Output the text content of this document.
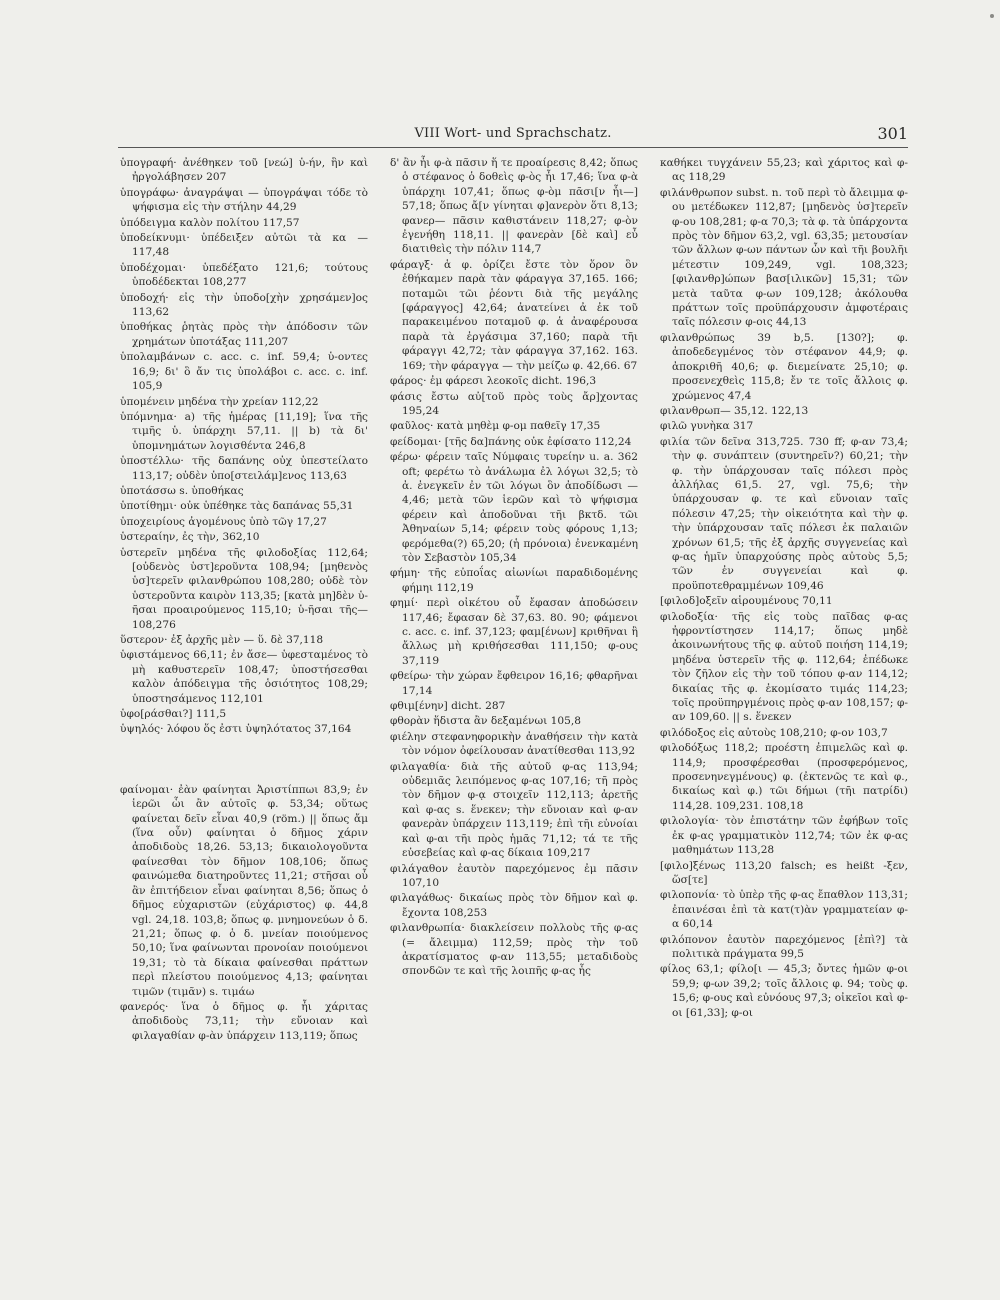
VIII Wort- und Sprachschatz.	301

ὑπογραφή· ἀνέθηκεν τοῦ [νεώ] ὑ-ήν, ἣν καὶ ἠργολάβησεν 207

ὑπογράφω· ἀναγράψαι — ὑπογράψαι τόδε τὸ ψήφισμα εἰς τὴν στήλην 44,29

ὑπόδειγμα καλὸν πολίτου 117,57

ὑποδείκνυμι· ὑπέδειξεν αὐτῶι τὰ κα — 117,48

ὑποδέχομαι· ὑπεδέξατο 121,6; τούτους ὑποδέδεκται 108,277

ὑποδοχή· εἰς τὴν ὑποδο[χὴν χρησάμεν]ος 113,62

ὑποθήκας ῥητὰς πρὸς τὴν ἀπόδοσιν τῶν χρημάτων ὑποτάξας 111,207

ὑπολαμβάνων c. acc. c. inf. 59,4; ὑ-οντες 16,9; δι' ὃ ἄν τις ὑπολάβοι c. acc. c. inf. 105,9

ὑπομένειν μηδένα τὴν χρείαν 112,22

ὑπόμνημα· a) τῆς ἡμέρας [11,19]; ἵνα τῆς τιμῆς ὑ. ὑπάρχηι 57,11. || b) τὰ δι' ὑπομνημάτων λογισθέντα 246,8

ὑποστέλλω· τῆς δαπάνης οὐχ ὑπεστείλατο 113,17; οὐδὲν ὑπο[στειλάμ]ενος 113,63

ὑποτάσσω s. ὑποθήκας

ὑποτίθημι· οὐκ ὑπέθηκε τὰς δαπάνας 55,31

ὑποχειρίους ἀγομένους ὑπὸ τῶγ 17,27

ὑστεραίην, ἐς τὴν, 362,10

ὑστερεῖν μηδένα τῆς φιλοδοξίας 112,64; [οὐδενὸς ὑστ]εροῦντα 108,94; [μηθενὸς ὑσ]τερεῖν φιλανθρώπου 108,280; οὐδὲ τὸν ὑστεροῦντα καιρὸν 113,35; [κατὰ μη]δὲν ὑ-ῆσαι προαιρούμενος 115,10; ὑ-ῆσαι τῆς— 108,276

ὕστερον· ἐξ ἀρχῆς μὲν — ὕ. δὲ 37,118

ὑφιστάμενος 66,11; ἐν ἄσε— ὑφεσταμένος τὸ μὴ καθυστερεῖν 108,47; ὑποστήσεσθαι καλὸν ἀπόδειγμα τῆς ὁσιότητος 108,29; ὑποστησάμενος 112,101

ὑφο[ράσθαι?] 111,5

ὑψηλός· λόφου ὅς ἐστι ὑψηλότατος 37,164

φαίνομαι· ἐὰν φαίνηται Ἀριστίππωι 83,9; ἐν ἱερῶι ὧι ἂν αὐτοῖς φ. 53,34; οὕτως φαίνεται δεῖν εἶναι 40,9 (röm.) || ὅπως ἄμ (ἵνα οὖν) φαίνηται ὁ δῆμος χάριν ἀποδιδοὺς 18,26. 53,13; δικαιολογοῦντα φαίνεσθαι τὸν δῆμον 108,106; ὅπως φαινώμεθα διατηροῦντες 11,21; στῆσαι οὗ ἂν ἐπιτήδειον εἶναι φαίνηται 8,56; ὅπως ὁ δῆμος εὐχαριστῶν (εὐχάριστος) φ. 44,8 vgl. 24,18. 103,8; ὅπως φ. μνημονεύων ὁ δ. 21,21; ὅπως φ. ὁ δ. μνείαν ποιούμενος 50,10; ἵνα φαίνωνται προνοίαν ποιούμενοι 19,31; τὸ τὰ δίκαια φαίνεσθαι πράττων περὶ πλείστου ποιούμενος 4,13; φαίνηται τιμῶν (τιμᾶν) s. τιμάω

φανερός· ἵνα ὁ δῆμος φ. ἦι χάριτας ἀποδιδοὺς 73,11; τὴν εὔνοιαν καὶ φιλαγαθίαν φ-ὰν ὑπάρχειν 113,119; ὅπως

δ' ἂν ἦι φ-ὰ πᾶσιν ἥ τε προαίρεσις 8,42; ὅπως ὁ στέφανος ὁ δοθεὶς φ-ὸς ἦι 17,46; ἵνα φ-ὰ ὑπάρχηι 107,41; ὅπως φ-ὸμ πᾶσι[ν ἦι—] 57,18; ὅπως ἄ[ν γίνηται φ]ανερὸν ὅτι 8,13; φανερ— πᾶσιν καθιστάνειν 118,27; φ-ὸν ἐγενήθη 118,11. || φανερὰν [δὲ καὶ] εὖ διατιθεὶς τὴν πόλιν 114,7

φάραγξ· ἁ φ. ὁρίζει ἔστε τὸν ὅρον ὃν ἐθήκαμεν παρὰ τὰν φάραγγα 37,165. 166; ποταμῶι τῶι ῥέοντι διὰ τῆς μεγάλης [φάραγγος] 42,64; ἀνατείνει ἀ ἐκ τοῦ παρακειμένου ποταμοῦ φ. ἁ ἀναφέρουσα παρὰ τὰ ἐργάσιμα 37,160; παρὰ τῆι φάραγγι 42,72; τὰν φάραγγα 37,162. 163. 169; τὴν φάραγγα — τὴν μείζω φ. 42,66. 67

φάρος· ἐμ φάρεσι λεοκοῖς dicht. 196,3

φάσις ἔστω αὐ[τοῦ πρὸς τοὺς ἄρ]χοντας 195,24

φαῦλος· κατὰ μηθὲμ φ-ομ παθεῖγ 17,35

φείδομαι· [τῆς δα]πάνης οὐκ ἐφίσατο 112,24

φέρω· φέρειν ταῖς Νύμφαις τυρείην u. a. 362 oft; φερέτω τὸ ἀνάλωμα ἐλ λόγωι 32,5; τὸ ἀ. ἐνεγκεῖν ἐν τῶι λόγωι ὃν ἀποδίδωσι — 4,46; μετὰ τῶν ἱερῶν καὶ τὸ ψήφισμα φέρειν καὶ ἀποδοῦναι τῆι βκτδ. τῶι Ἀθηναίων 5,14; φέρειν τοὺς φόρους 1,13; φερόμεθα(?) 65,20; (ἡ πρόνοια) ἐνενκαμένη τὸν Σεβαστὸν 105,34

φήμη· τῆς εὐποΐας αἰωνίωι παραδιδομένης φήμηι 112,19

φημί· περὶ οἰκέτου οὗ ἔφασαν ἀποδώσειν 117,46; ἔφασαν δὲ 37,63. 80. 90; φάμενοι c. acc. c. inf. 37,123; φαμ[ένων] κριθῆναι ἢ ἄλλως μὴ κριθήσεσθαι 111,150; φ-ους 37,119

φθείρω· τὴν χώραν ἔφθειρον 16,16; φθαρῆναι 17,14

φθιμ[ένην] dicht. 287

φθορὰν ἥδιστα ἂν δεξαμένωι 105,8

φιέλην στεφανηφορικὴν ἀναθήσειν τὴν κατὰ τὸν νόμον ὀφείλουσαν ἀνατίθεσθαι 113,92

φιλαγαθία· διὰ τῆς αὐτοῦ φ-ας 113,94; οὐδεμιᾶς λειπόμενος φ-ας 107,16; τῆ πρὸς τὸν δῆμον φ-ᾳ στοιχεῖν 112,113; ἀρετῆς καὶ φ-ας s. ἕνεκεν; τὴν εὔνοιαν καὶ φ-αν φανερὰν ὑπάρχειν 113,119; ἐπὶ τῆι εὐνοίαι καὶ φ-αι τῆι πρὸς ἡμᾶς 71,12; τά τε τῆς εὐσεβείας καὶ φ-ας δίκαια 109,217

φιλάγαθον ἑαυτὸν παρεχόμενος ἐμ πᾶσιν 107,10

φιλαγάθως· δικαίως πρὸς τὸν δῆμον καὶ φ. ἔχοντα 108,253

φιλανθρωπία· διακλείσειν πολλοὺς τῆς φ-ας (= ἄλειμμα) 112,59; πρὸς τὴν τοῦ ἀκρατίσματος φ-αν 113,55; μεταδιδοὺς σπονδῶν τε καὶ τῆς λοιπῆς φ-ας ἧς

καθήκει τυγχάνειν 55,23; καὶ χάριτος καὶ φ-ας 118,29

φιλάνθρωπον subst. n. τοῦ περὶ τὸ ἄλειμμα φ-ου μετέδωκεν 112,87; [μηδενὸς ὑσ]τερεῖν φ-ου 108,281; φ-α 70,3; τὰ φ. τὰ ὑπάρχοντα πρὸς τὸν δῆμον 63,2, vgl. 63,35; μετουσίαν τῶν ἄλλων φ-ων πάντων ὧν καὶ τῆι βουλῆι μέτεστιν 109,249, vgl. 108,323; [φιλανθρ]ώπων βασ[ιλικῶν] 15,31; τῶν μετὰ ταῦτα φ-ων 109,128; ἀκόλουθα πράττων τοῖς προϋπάρχουσιν ἀμφοτέραις ταῖς πόλεσιν φ-οις 44,13

φιλανθρώπως 39 b,5. [130?]; φ. ἀποδεδεγμένος τὸν στέφανον 44,9; φ. ἀποκριθῆ 40,6; φ. διεμείνατε 25,10; φ. προσενεχθεὶς 115,8; ἔν τε τοῖς ἄλλοις φ. χρώμενος 47,4

φιλανθρωπ— 35,12. 122,13

φιλῶ γυνὴκα 317

φιλία τῶν δεῖνα 313,725. 730 ff; φ-αν 73,4; τὴν φ. συνάπτειν (συντηρεῖν?) 60,21; τὴν φ. τὴν ὑπάρχουσαν ταῖς πόλεσι πρὸς ἀλλήλας 61,5. 27, vgl. 75,6; τὴν ὑπάρχουσαν φ. τε καὶ εὔνοιαν ταῖς πόλεσιν 47,25; τὴν οἰκειότητα καὶ τὴν φ. τὴν ὑπάρχουσαν ταῖς πόλεσι ἐκ παλαιῶν χρόνων 61,5; τῆς ἐξ ἀρχῆς συγγενείας καὶ φ-ας ἡμῖν ὑπαρχούσης πρὸς αὐτοὺς 5,5; τῶν ἐν συγγενείαι καὶ φ. προϋποτεθραμμένων 109,46

[φιλοδ]οξεῖν αἱρουμένους 70,11

φιλοδοξία· τῆς εἰς τοὺς παῖδας φ-ας ἠφροντίστησεν 114,17; ὅπως μηδὲ ἀκοινωνήτους τῆς φ. αὐτοῦ ποιήση 114,19; μηδένα ὑστερεῖν τῆς φ. 112,64; ἐπέδωκε τὸν ζῆλον εἰς τὴν τοῦ τόπου φ-αν 114,12; δικαίας τῆς φ. ἐκομίσατο τιμάς 114,23; τοῖς προϋπηργμένοις πρὸς φ-αν 108,157; φ-αν 109,60. || s. ἕνεκεν

φιλόδοξος εἰς αὐτοὺς 108,210; φ-ον 103,7

φιλοδόξως 118,2; προέστη ἐπιμελῶς καὶ φ. 114,9; προσφέρεσθαι (προσφερόμενος, προσενηνεγμένους) φ. (ἐκτενῶς τε καὶ φ., δικαίως καὶ φ.) τῶι δήμωι (τῆι πατρίδι) 114,28. 109,231. 108,18

φιλολογία· τὸν ἐπιστάτην τῶν ἐφήβων τοῖς ἐκ φ-ας γραμματικὸν 112,74; τῶν ἐκ φ-ας μαθημάτων 113,28

[φιλο]ξένως 113,20 falsch; es heißt -ξεν, ὥσ[τε]

φιλοπονία· τὸ ὑπὲρ τῆς φ-ας ἔπαθλον 113,31; ἐπαινέσαι ἐπὶ τὰ κατ(τ)ὰν γραμματείαν φ-α 60,14

φιλόπονον ἑαυτὸν παρεχόμενος [ἐπὶ?] τὰ πολιτικὰ πράγματα 99,5

φίλος 63,1; φίλο[ι — 45,3; ὄντες ἡμῶν φ-οι 59,9; φ-ων 39,2; τοῖς ἄλλοις φ. 94; τοὺς φ. 15,6; φ-ους καὶ εὐνόους 97,3; οἰκεῖοι καὶ φ-οι [61,33]; φ-οι
